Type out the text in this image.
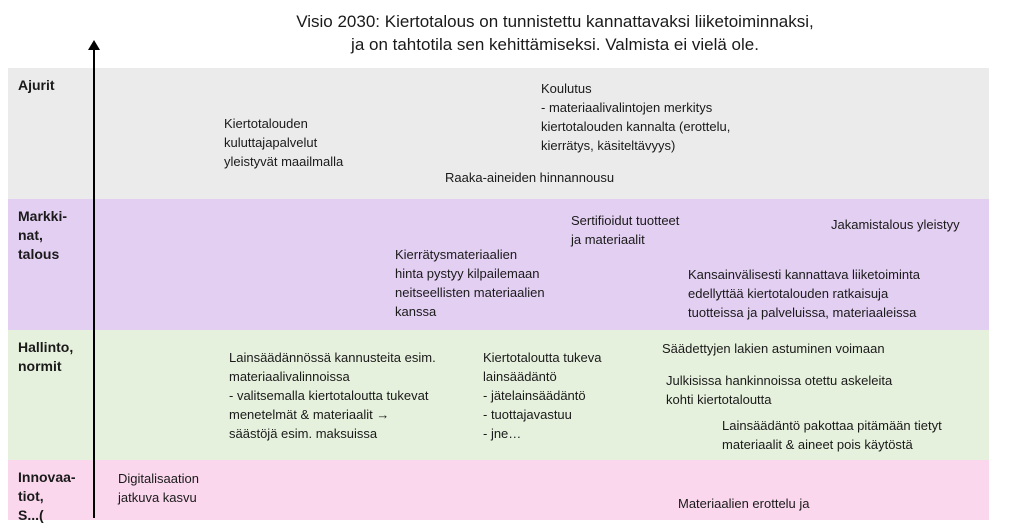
Visio 2030: Kiertotalous on tunnistettu kannattavaksi liiketoiminnaksi,
ja on tahtotila sen kehittämiseksi. Valmista ei vielä ole.
Ajurit
Kiertotalouden
kuluttajapalvelut
yleistyvät maailmalla
Koulutus
- materiaalivalintojen merkitys
kiertotalouden kannalta (erottelu,
kierrätys, käsiteltävyys)
Raaka-aineiden hinnannousu
Markki-
nat,
talous
Sertifioidut tuotteet
ja materiaalit
Jakamistalous yleistyy
Kierrätysmateriaalien
hinta pystyy kilpailemaan
neitseellisten materiaalien
kanssa
Kansainvälisesti kannattava liiketoiminta
edellyttää kiertotalouden ratkaisuja
tuotteissa ja palveluissa, materiaaleissa
Hallinto,
normit
Lainsäädännössä kannusteita esim.
materiaalivalinnoissa
- valitsemalla kiertotaloutta tukevat
menetelmät & materiaalit →
säästöjä esim. maksuissa
Kiertotaloutta tukeva
lainsäädäntö
- jätelainsäädäntö
- tuottajavastuu
- jne…
Säädettyjen lakien astuminen voimaan
Julkisissa hankinnoissa otettu askeleita
kohti kiertotaloutta
Lainsäädäntö pakottaa pitämään tietyt
materiaalit & aineet pois käytöstä
Innovaa-
tiot,
S...(
Digitalisaation
jatkuva kasvu	Materiaalien erottelu ja
